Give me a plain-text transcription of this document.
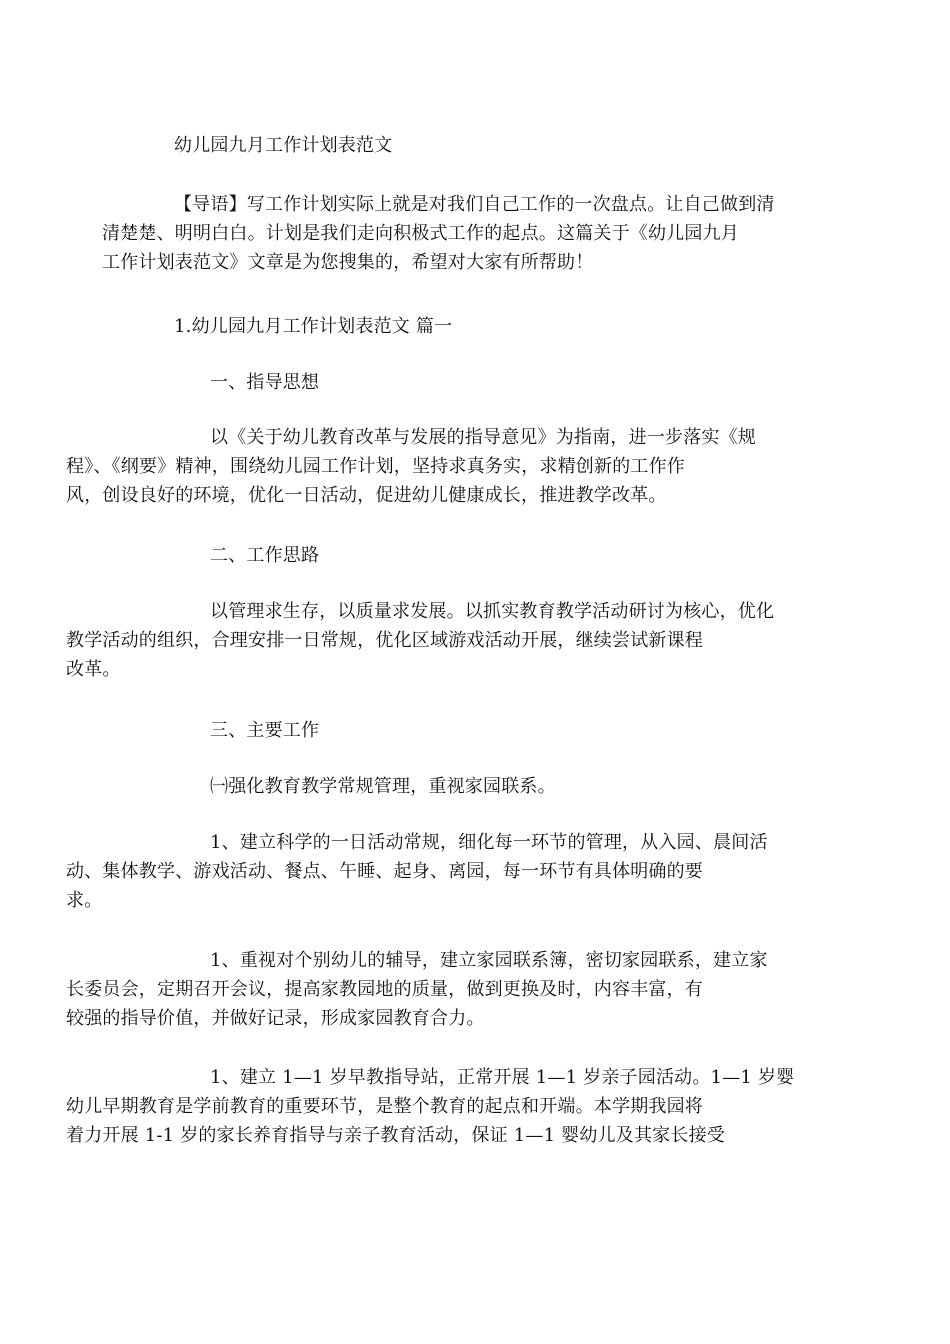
幼儿园九月工作计划表范文
【导语】写工作计划实际上就是对我们自己工作的一次盘点。让自己做到清
清楚楚、明明白白。计划是我们走向积极式工作的起点。这篇关于《幼儿园九月
工作计划表范文》文章是为您搜集的，希望对大家有所帮助！
1.幼儿园九月工作计划表范文 篇一
一、指导思想
以《关于幼儿教育改革与发展的指导意见》为指南，进一步落实《规
程》、《纲要》精神，围绕幼儿园工作计划，坚持求真务实，求精创新的工作作
风，创设良好的环境，优化一日活动，促进幼儿健康成长，推进教学改革。
二、工作思路
以管理求生存，以质量求发展。以抓实教育教学活动研讨为核心，优化
教学活动的组织，合理安排一日常规，优化区域游戏活动开展，继续尝试新课程
改革。
三、主要工作
㈠强化教育教学常规管理，重视家园联系。
1、建立科学的一日活动常规，细化每一环节的管理，从入园、晨间活
动、集体教学、游戏活动、餐点、午睡、起身、离园，每一环节有具体明确的要
求。
1、重视对个别幼儿的辅导，建立家园联系簿，密切家园联系，建立家
长委员会，定期召开会议，提高家教园地的质量，做到更换及时，内容丰富，有
较强的指导价值，并做好记录，形成家园教育合力。
1、建立 1—1 岁早教指导站，正常开展 1—1 岁亲子园活动。1—1 岁婴
幼儿早期教育是学前教育的重要环节，是整个教育的起点和开端。本学期我园将
着力开展 1-1 岁的家长养育指导与亲子教育活动，保证 1—1 婴幼儿及其家长接受
